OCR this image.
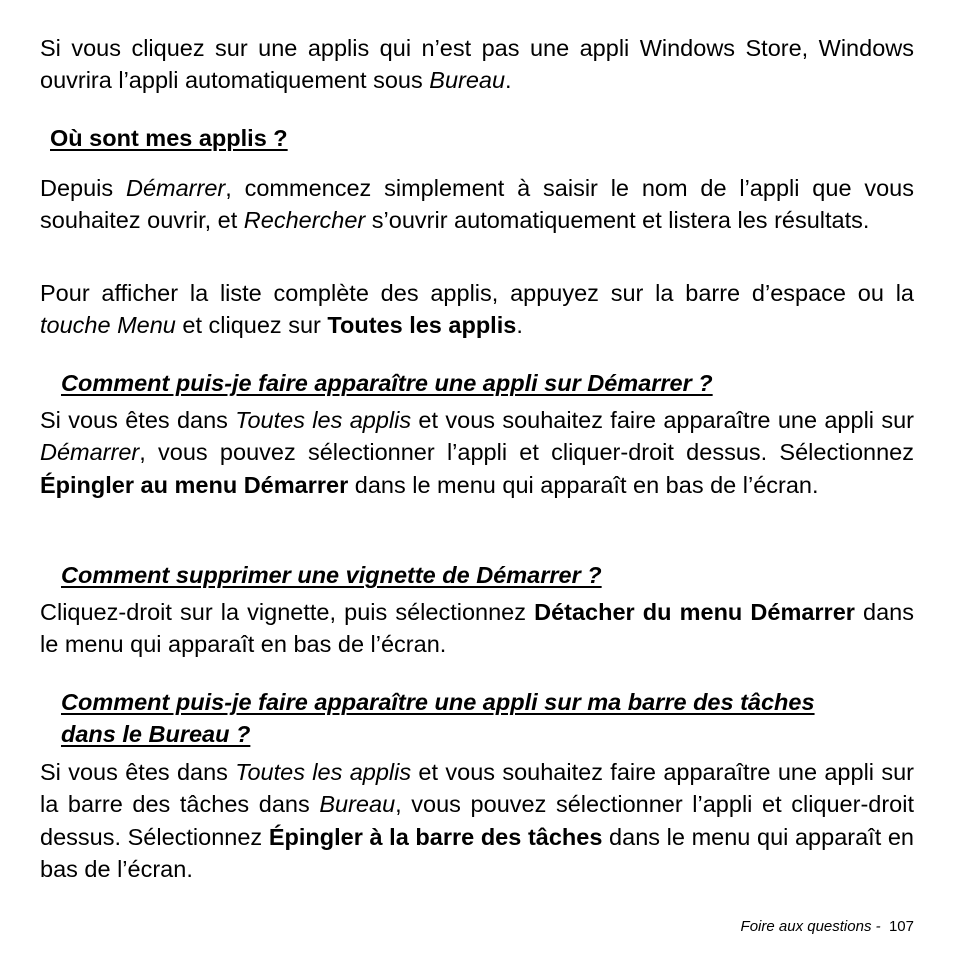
Si vous cliquez sur une applis qui n’est pas une appli Windows Store, Windows ouvrira l’appli automatiquement sous Bureau.

Où sont mes applis ?

Depuis Démarrer, commencez simplement à saisir le nom de l’appli que vous souhaitez ouvrir, et Rechercher s’ouvrir automatiquement et listera les résultats.

Pour afficher la liste complète des applis, appuyez sur la barre d’espace ou la touche Menu et cliquez sur Toutes les applis.

Comment puis-je faire apparaître une appli sur Démarrer ?

Si vous êtes dans Toutes les applis et vous souhaitez faire apparaître une appli sur Démarrer, vous pouvez sélectionner l’appli et cliquer-droit dessus. Sélectionnez Épingler au menu Démarrer dans le menu qui apparaît en bas de l’écran.

Comment supprimer une vignette de Démarrer ?

Cliquez-droit sur la vignette, puis sélectionnez Détacher du menu Démarrer dans le menu qui apparaît en bas de l’écran.

Comment puis-je faire apparaître une appli sur ma barre des tâches
dans le Bureau ?

Si vous êtes dans Toutes les applis et vous souhaitez faire apparaître une appli sur la barre des tâches dans Bureau, vous pouvez sélectionner l’appli et cliquer-droit dessus. Sélectionnez Épingler à la barre des tâches dans le menu qui apparaît en bas de l’écran.

Foire aux questions - 107
